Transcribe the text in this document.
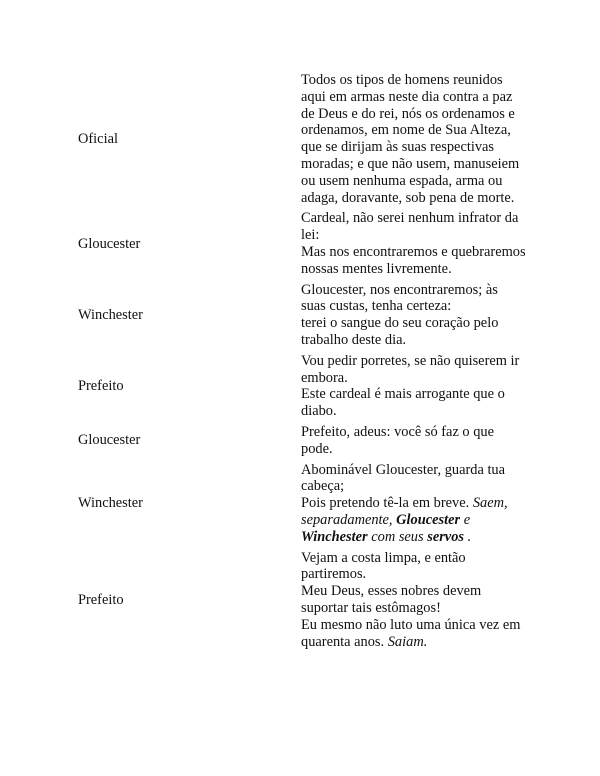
Oficial
Todos os tipos de homens reunidos aqui em armas neste dia contra a paz de Deus e do rei, nós os ordenamos e ordenamos, em nome de Sua Alteza, que se dirijam às suas respectivas moradas; e que não usem, manuseiem ou usem nenhuma espada, arma ou adaga, doravante, sob pena de morte.
Gloucester
Cardeal, não serei nenhum infrator da lei:
Mas nos encontraremos e quebraremos nossas mentes livremente.
Winchester
Gloucester, nos encontraremos; às suas custas, tenha certeza:
terei o sangue do seu coração pelo trabalho deste dia.
Prefeito
Vou pedir porretes, se não quiserem ir embora.
Este cardeal é mais arrogante que o diabo.
Gloucester
Prefeito, adeus: você só faz o que pode.
Winchester
Abominável Gloucester, guarda tua cabeça;
Pois pretendo tê-la em breve. Saem, separadamente, Gloucester e Winchester com seus servos .
Prefeito
Vejam a costa limpa, e então partiremos.
Meu Deus, esses nobres devem suportar tais estômagos!
Eu mesmo não luto uma única vez em quarenta anos. Saiam.
